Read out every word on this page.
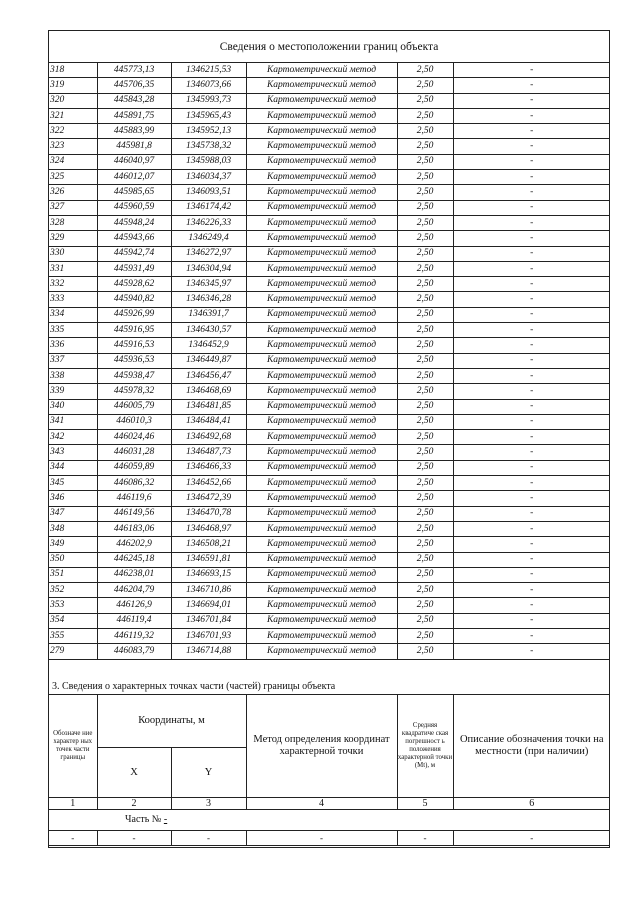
Сведения о местоположении границ объекта
318	445773,13	1346215,53	Картометрический метод	2,50	-
319	445706,35	1346073,66	Картометрический метод	2,50	-
320	445843,28	1345993,73	Картометрический метод	2,50	-
321	445891,75	1345965,43	Картометрический метод	2,50	-
322	445883,99	1345952,13	Картометрический метод	2,50	-
323	445981,8	1345738,32	Картометрический метод	2,50	-
324	446040,97	1345988,03	Картометрический метод	2,50	-
325	446012,07	1346034,37	Картометрический метод	2,50	-
326	445985,65	1346093,51	Картометрический метод	2,50	-
327	445960,59	1346174,42	Картометрический метод	2,50	-
328	445948,24	1346226,33	Картометрический метод	2,50	-
329	445943,66	1346249,4	Картометрический метод	2,50	-
330	445942,74	1346272,97	Картометрический метод	2,50	-
331	445931,49	1346304,94	Картометрический метод	2,50	-
332	445928,62	1346345,97	Картометрический метод	2,50	-
333	445940,82	1346346,28	Картометрический метод	2,50	-
334	445926,99	1346391,7	Картометрический метод	2,50	-
335	445916,95	1346430,57	Картометрический метод	2,50	-
336	445916,53	1346452,9	Картометрический метод	2,50	-
337	445936,53	1346449,87	Картометрический метод	2,50	-
338	445938,47	1346456,47	Картометрический метод	2,50	-
339	445978,32	1346468,69	Картометрический метод	2,50	-
340	446005,79	1346481,85	Картометрический метод	2,50	-
341	446010,3	1346484,41	Картометрический метод	2,50	-
342	446024,46	1346492,68	Картометрический метод	2,50	-
343	446031,28	1346487,73	Картометрический метод	2,50	-
344	446059,89	1346466,33	Картометрический метод	2,50	-
345	446086,32	1346452,66	Картометрический метод	2,50	-
346	446119,6	1346472,39	Картометрический метод	2,50	-
347	446149,56	1346470,78	Картометрический метод	2,50	-
348	446183,06	1346468,97	Картометрический метод	2,50	-
349	446202,9	1346508,21	Картометрический метод	2,50	-
350	446245,18	1346591,81	Картометрический метод	2,50	-
351	446238,01	1346693,15	Картометрический метод	2,50	-
352	446204,79	1346710,86	Картометрический метод	2,50	-
353	446126,9	1346694,01	Картометрический метод	2,50	-
354	446119,4	1346701,84	Картометрический метод	2,50	-
355	446119,32	1346701,93	Картометрический метод	2,50	-
279	446083,79	1346714,88	Картометрический метод	2,50	-
3. Сведения о характерных точках части (частей) границы объекта
Обозначе ние характер ных точек части границы	Координаты, м		Метод определения координат характерной точки	Средняя квадратиче ская погрешност ь положения характерной точки (Mt), м	Описание обозначения точки на местности (при наличии)
	X	Y			
1	2	3	4	5	6
Часть № -					
-	-	-	-	-	-
